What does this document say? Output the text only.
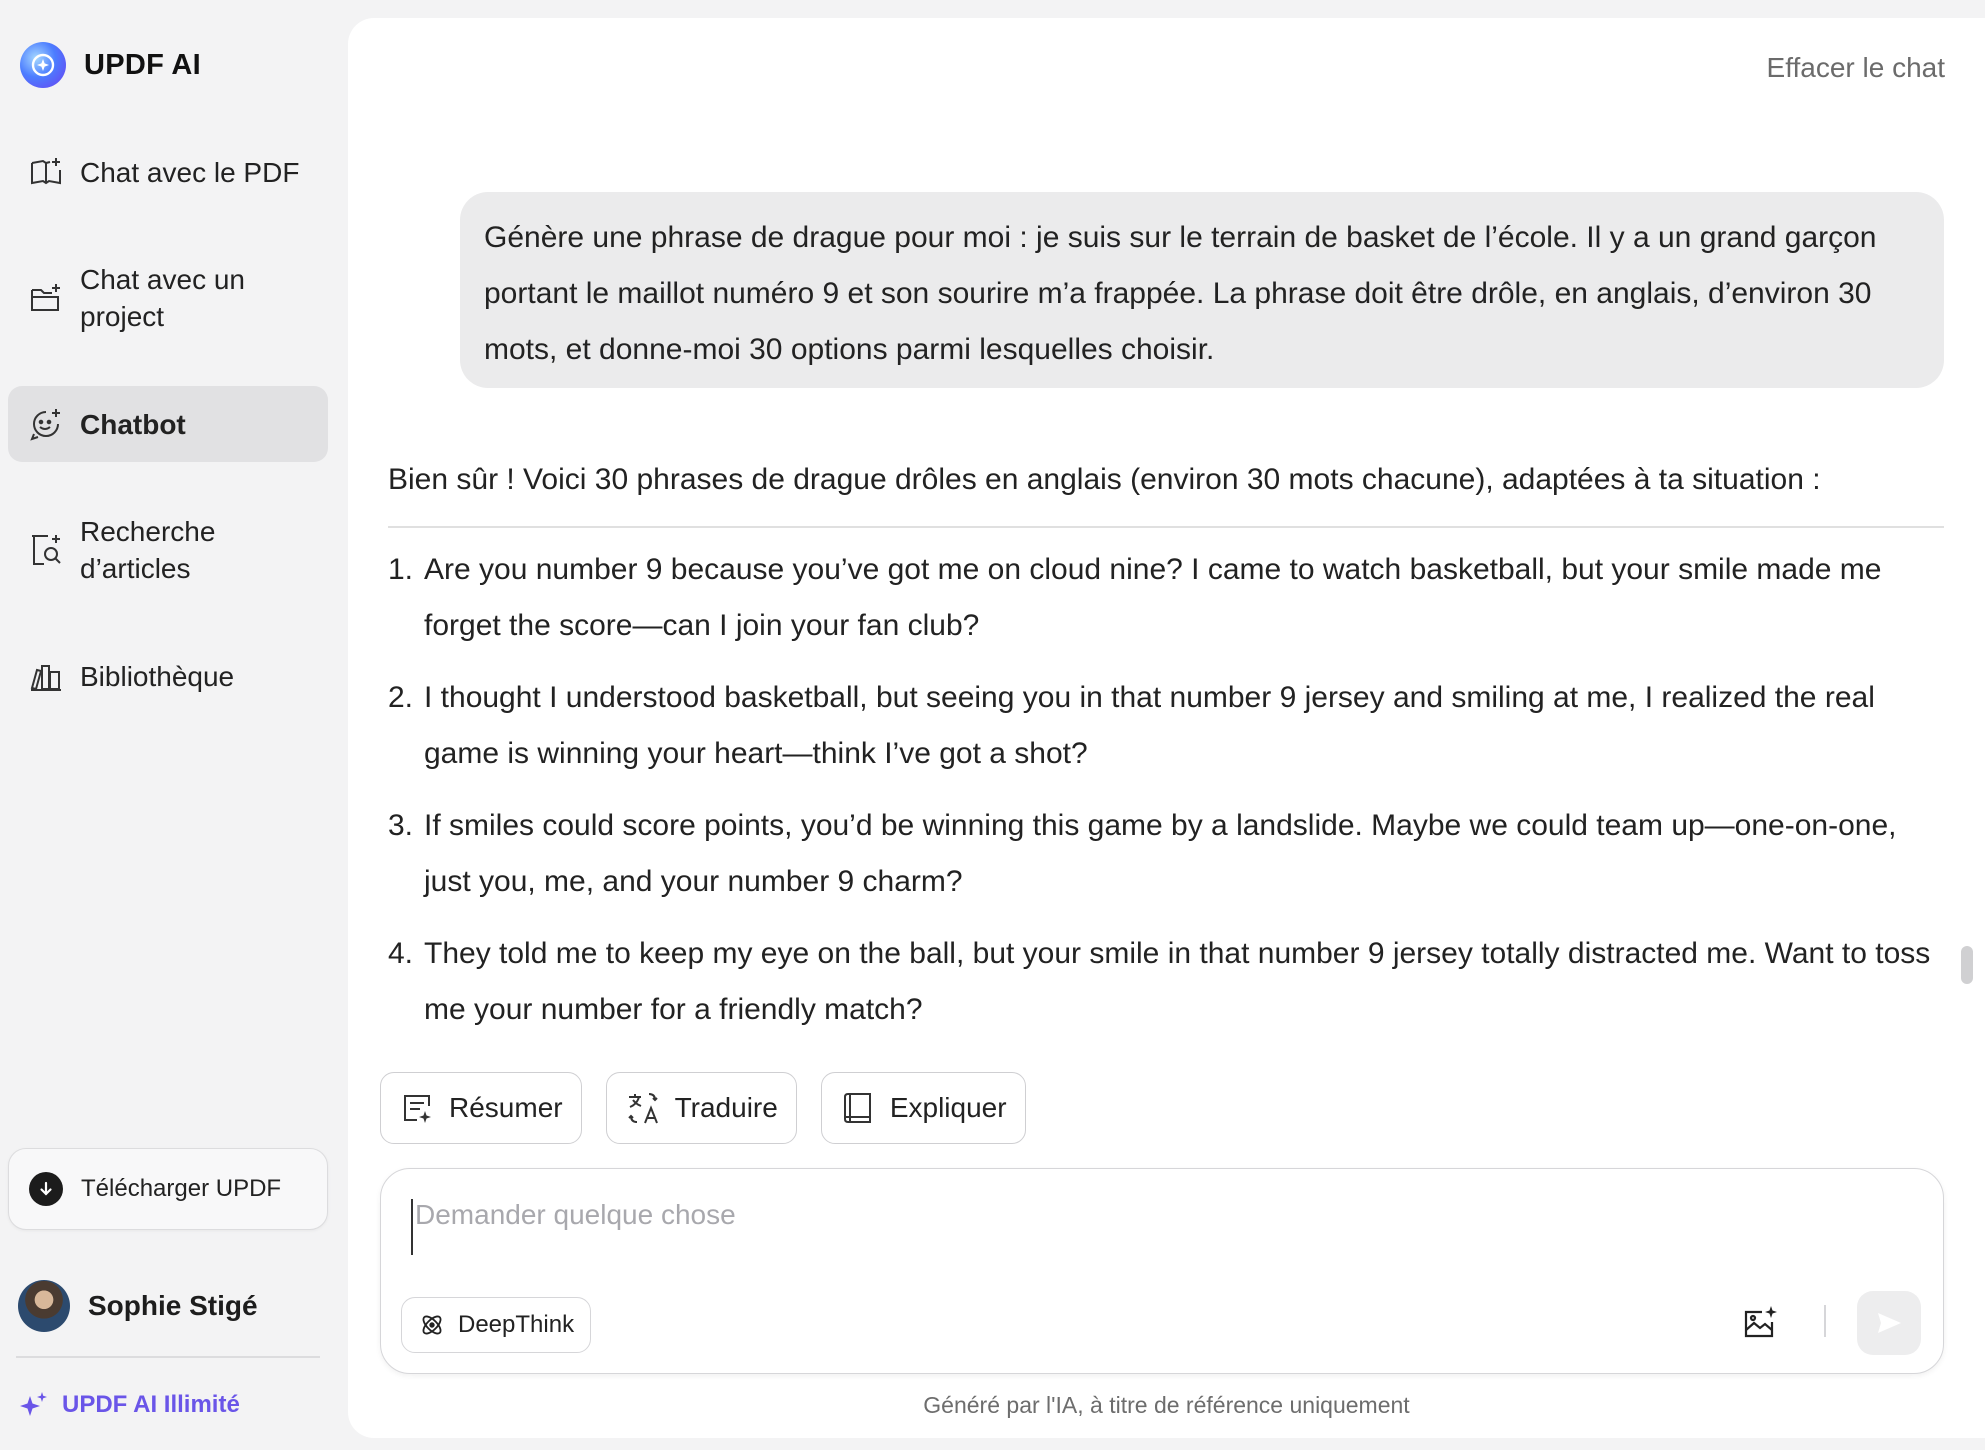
UPDF AI
Chat avec le PDF
Chat avec un project
Chatbot
Recherche d’articles
Bibliothèque
Télécharger UPDF
Sophie Stigé
UPDF AI Illimité
Effacer le chat
Génère une phrase de drague pour moi : je suis sur le terrain de basket de l’école. Il y a un grand garçon portant le maillot numéro 9 et son sourire m’a frappée. La phrase doit être drôle, en anglais, d’environ 30 mots, et donne-moi 30 options parmi lesquelles choisir.
Bien sûr ! Voici 30 phrases de drague drôles en anglais (environ 30 mots chacune), adaptées à ta situation :
1. Are you number 9 because you’ve got me on cloud nine? I came to watch basketball, but your smile made me forget the score—can I join your fan club?
2. I thought I understood basketball, but seeing you in that number 9 jersey and smiling at me, I realized the real game is winning your heart—think I’ve got a shot?
3. If smiles could score points, you’d be winning this game by a landslide. Maybe we could team up—one-on-one, just you, me, and your number 9 charm?
4. They told me to keep my eye on the ball, but your smile in that number 9 jersey totally distracted me. Want to toss me your number for a friendly match?
Résumer	Traduire	Expliquer
Demander quelque chose
DeepThink
Généré par l'IA, à titre de référence uniquement
